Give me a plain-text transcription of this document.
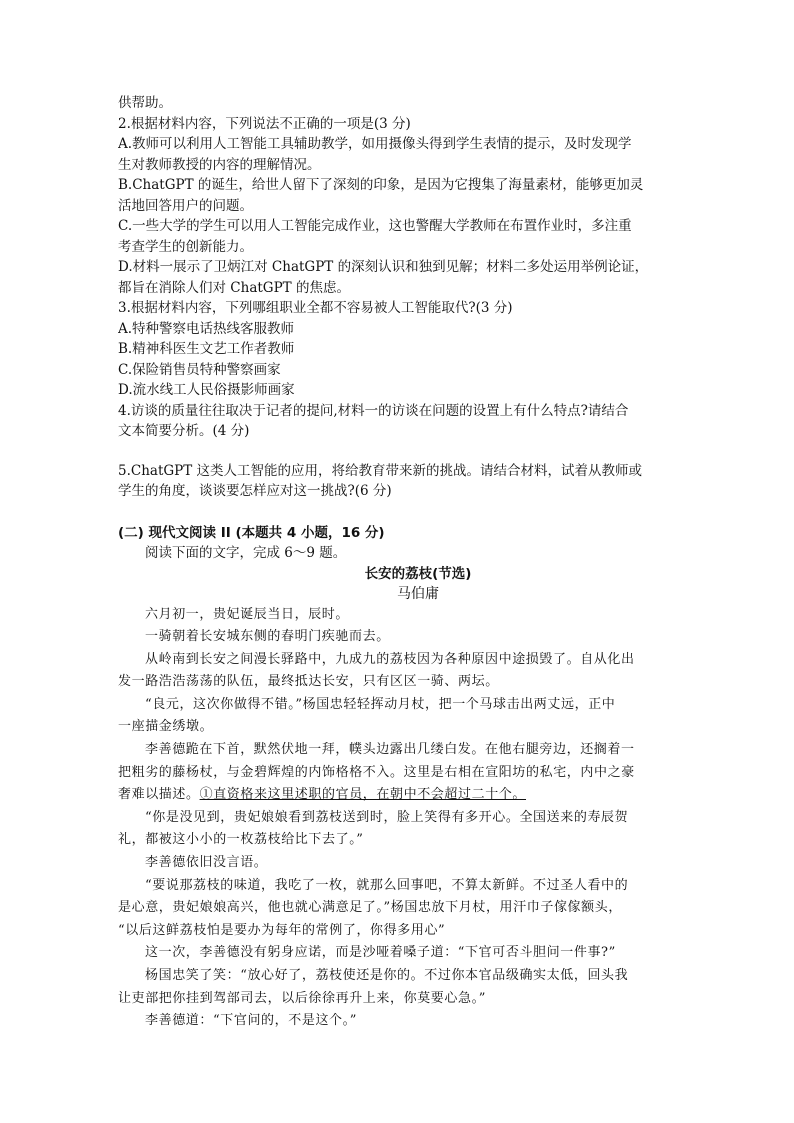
供帮助。
2.根据材料内容，下列说法不正确的一项是(3 分)
A.教师可以利用人工智能工具辅助教学，如用摄像头得到学生表情的提示，及时发现学
生对教师教授的内容的理解情况。
B.ChatGPT 的诞生，给世人留下了深刻的印象，是因为它搜集了海量素材，能够更加灵
活地回答用户的问题。
C.一些大学的学生可以用人工智能完成作业，这也警醒大学教师在布置作业时，多注重
考查学生的创新能力。
D.材料一展示了卫炳江对 ChatGPT 的深刻认识和独到见解；材料二多处运用举例论证，
都旨在消除人们对 ChatGPT 的焦虑。
3.根据材料内容，下列哪组职业全都不容易被人工智能取代?(3 分)
A.特种警察电话热线客服教师
B.精神科医生文艺工作者教师
C.保险销售员特种警察画家
D.流水线工人民俗摄影师画家
4.访谈的质量往往取决于记者的提问,材料一的访谈在问题的设置上有什么特点?请结合
文本简要分析。(4 分)
5.ChatGPT 这类人工智能的应用，将给教育带来新的挑战。请结合材料，试着从教师或
学生的角度，谈谈要怎样应对这一挑战?(6 分)
(二) 现代文阅读 II (本题共 4 小题，16 分)
阅读下面的文字，完成 6～9 题。
长安的荔枝(节选)
马伯庸
六月初一，贵妃诞辰当日，辰时。
一骑朝着长安城东侧的春明门疾驰而去。
从岭南到长安之间漫长驿路中，九成九的荔枝因为各种原因中途损毁了。自从化出
发一路浩浩荡荡的队伍，最终抵达长安，只有区区一骑、两坛。
“良元，这次你做得不错。”杨国忠轻轻挥动月杖，把一个马球击出两丈远，正中
一座描金绣墩。
李善德跪在下首，默然伏地一拜，幞头边露出几缕白发。在他右腿旁边，还搁着一
把粗劣的藤杨杖，与金碧辉煌的内饰格格不入。这里是右相在宣阳坊的私宅，内中之豪
奢难以描述。①直资格来这里述职的官员，在朝中不会超过二十个。
“你是没见到，贵妃娘娘看到荔枝送到时，脸上笑得有多开心。全国送来的寿辰贺
礼，都被这小小的一枚荔枝给比下去了。”
李善德依旧没言语。
“要说那荔枝的味道，我吃了一枚，就那么回事吧，不算太新鲜。不过圣人看中的
是心意，贵妃娘娘高兴，他也就心满意足了。”杨国忠放下月杖，用汗巾子傢傢额头，
“以后这鲜荔枝怕是要办为每年的常例了，你得多用心”
这一次，李善德没有躬身应诺，而是沙哑着嗓子道：“下官可否斗胆问一件事?”
杨国忠笑了笑：“放心好了，荔枝使还是你的。不过你本官品级确实太低，回头我
让吏部把你挂到驾部司去，以后徐徐再升上来，你莫要心急。”
李善德道：“下官问的，不是这个。”
